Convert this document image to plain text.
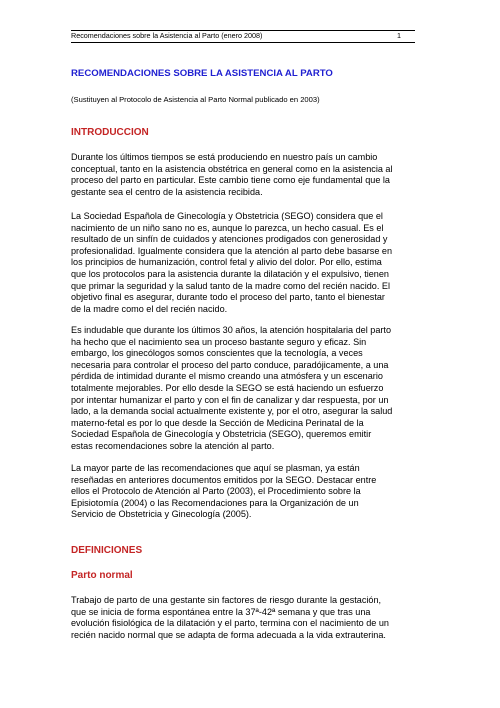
Recomendaciones sobre la Asistencia al Parto (enero 2008)	1
RECOMENDACIONES SOBRE LA ASISTENCIA AL PARTO
(Sustituyen al Protocolo de Asistencia al Parto Normal publicado en 2003)
INTRODUCCION

Durante los últimos tiempos se está produciendo en nuestro país un cambio
conceptual, tanto en la asistencia obstétrica en general como en la asistencia al
proceso del parto en particular. Este cambio tiene como eje fundamental que la
gestante sea el centro de la asistencia recibida.

La Sociedad Española de Ginecología y Obstetricia (SEGO) considera que el
nacimiento de un niño sano no es, aunque lo parezca, un hecho casual. Es el
resultado de un sinfín de cuidados y atenciones prodigados con generosidad y
profesionalidad. Igualmente considera que la atención al parto debe basarse en
los principios de humanización, control fetal y alivio del dolor. Por ello, estima
que los protocolos para la asistencia durante la dilatación y el expulsivo, tienen
que primar la seguridad y la salud tanto de la madre como del recién nacido. El
objetivo final es asegurar, durante todo el proceso del parto, tanto el bienestar
de la madre como el del recién nacido.

Es indudable que durante los últimos 30 años, la atención hospitalaria del parto
ha hecho que el nacimiento sea un proceso bastante seguro y eficaz. Sin
embargo, los ginecólogos somos conscientes que la tecnología, a veces
necesaria para controlar el proceso del parto conduce, paradójicamente, a una
pérdida de intimidad durante el mismo creando una atmósfera y un escenario
totalmente mejorables. Por ello desde la SEGO se está haciendo un esfuerzo
por intentar humanizar el parto y con el fin de canalizar y dar respuesta, por un
lado, a la demanda social actualmente existente y, por el otro, asegurar la salud
materno-fetal es por lo que desde la Sección de Medicina Perinatal de la
Sociedad Española de Ginecología y Obstetricia (SEGO), queremos emitir
estas recomendaciones sobre la atención al parto.

La mayor parte de las recomendaciones que aquí se plasman, ya están
reseñadas en anteriores documentos emitidos por la SEGO. Destacar entre
ellos el Protocolo de Atención al Parto (2003), el Procedimiento sobre la
Episiotomía (2004) o las Recomendaciones para la Organización de un
Servicio de Obstetricia y Ginecología (2005).

DEFINICIONES
Parto normal

Trabajo de parto de una gestante sin factores de riesgo durante la gestación,
que se inicia de forma espontánea entre la 37ª-42ª semana y que tras una
evolución fisiológica de la dilatación y el parto, termina con el nacimiento de un
recién nacido normal que se adapta de forma adecuada a la vida extrauterina.
